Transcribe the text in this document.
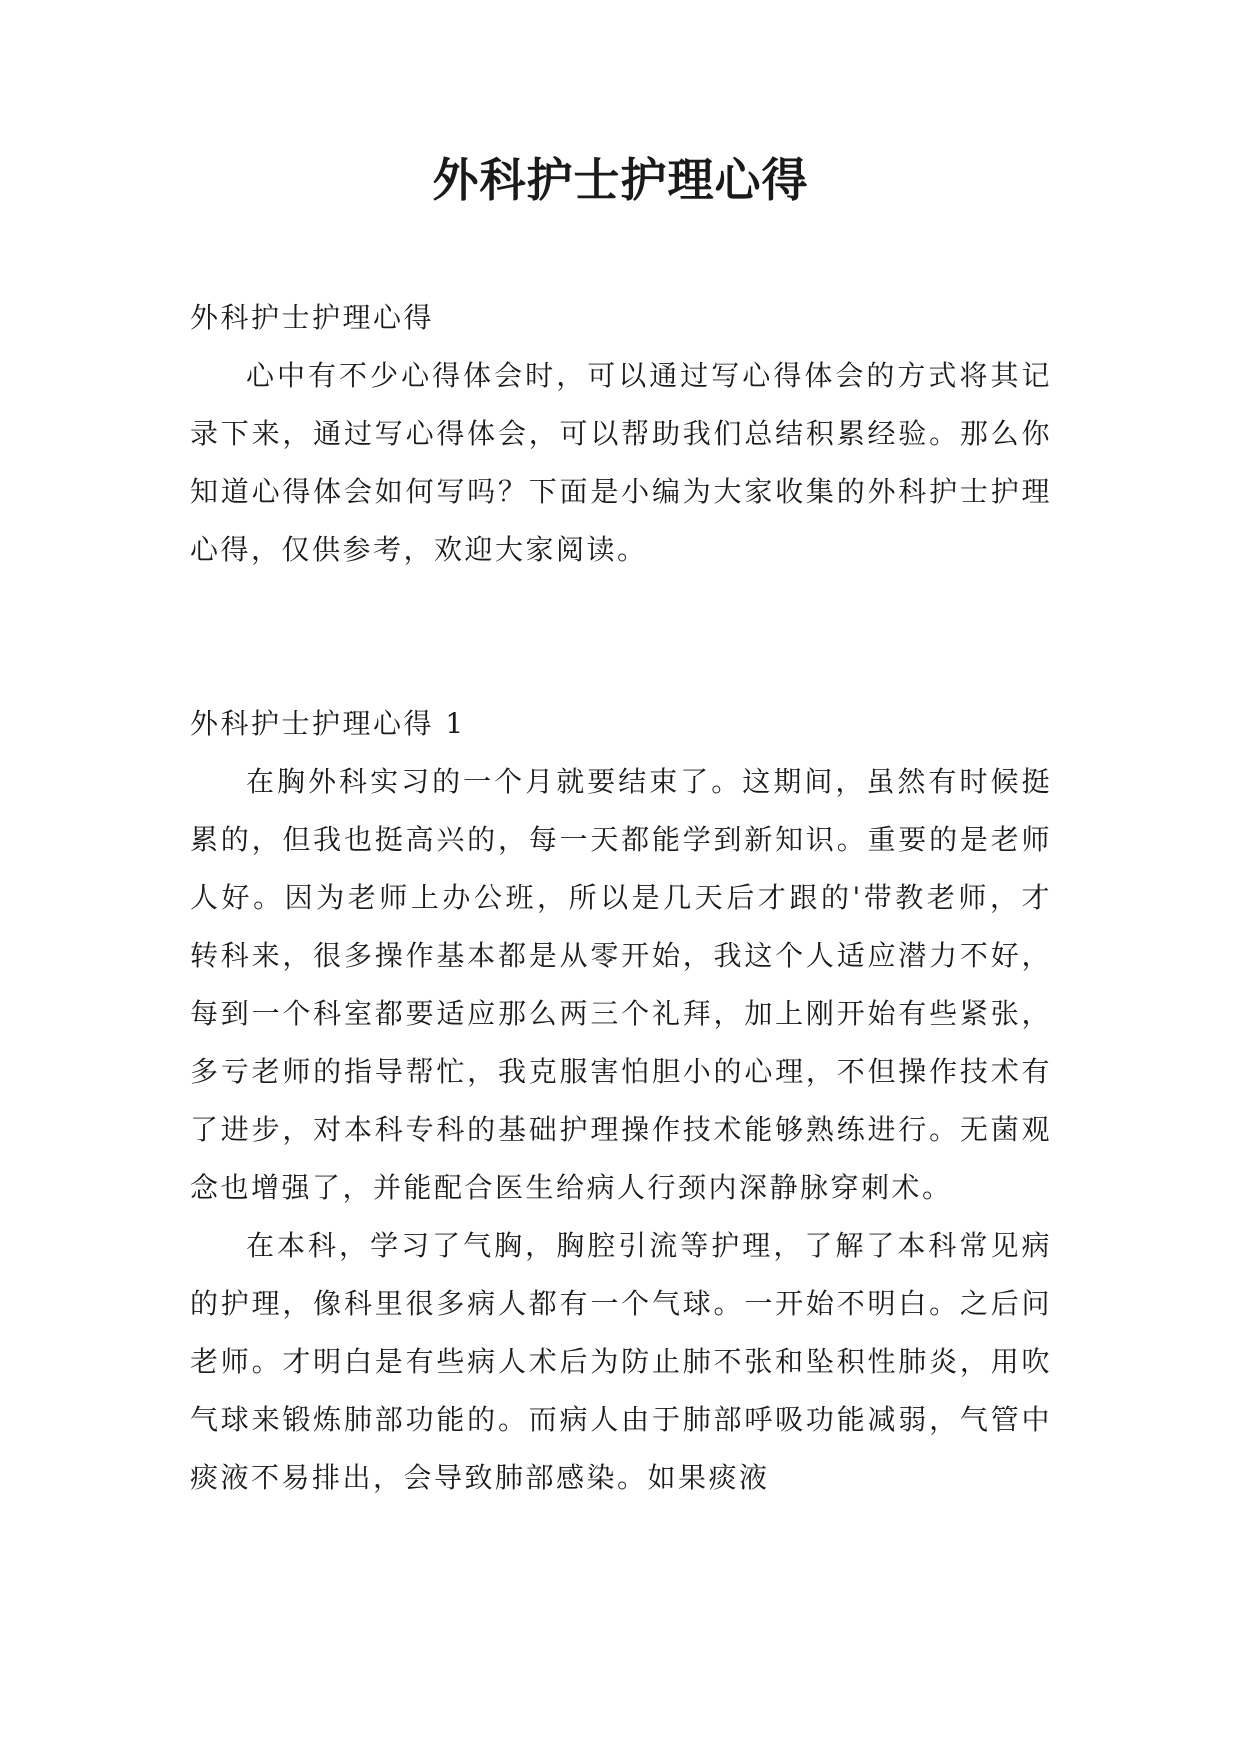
外科护士护理心得

外科护士护理心得

心中有不少心得体会时，可以通过写心得体会的方式将其记录下来，通过写心得体会，可以帮助我们总结积累经验。那么你知道心得体会如何写吗？下面是小编为大家收集的外科护士护理心得，仅供参考，欢迎大家阅读。

外科护士护理心得 1

在胸外科实习的一个月就要结束了。这期间，虽然有时候挺累的，但我也挺高兴的，每一天都能学到新知识。重要的是老师人好。因为老师上办公班，所以是几天后才跟的'带教老师，才转科来，很多操作基本都是从零开始，我这个人适应潜力不好，每到一个科室都要适应那么两三个礼拜，加上刚开始有些紧张，多亏老师的指导帮忙，我克服害怕胆小的心理，不但操作技术有了进步，对本科专科的基础护理操作技术能够熟练进行。无菌观念也增强了，并能配合医生给病人行颈内深静脉穿刺术。

在本科，学习了气胸，胸腔引流等护理，了解了本科常见病的护理，像科里很多病人都有一个气球。一开始不明白。之后问老师。才明白是有些病人术后为防止肺不张和坠积性肺炎，用吹气球来锻炼肺部功能的。而病人由于肺部呼吸功能减弱，气管中痰液不易排出，会导致肺部感染。如果痰液
